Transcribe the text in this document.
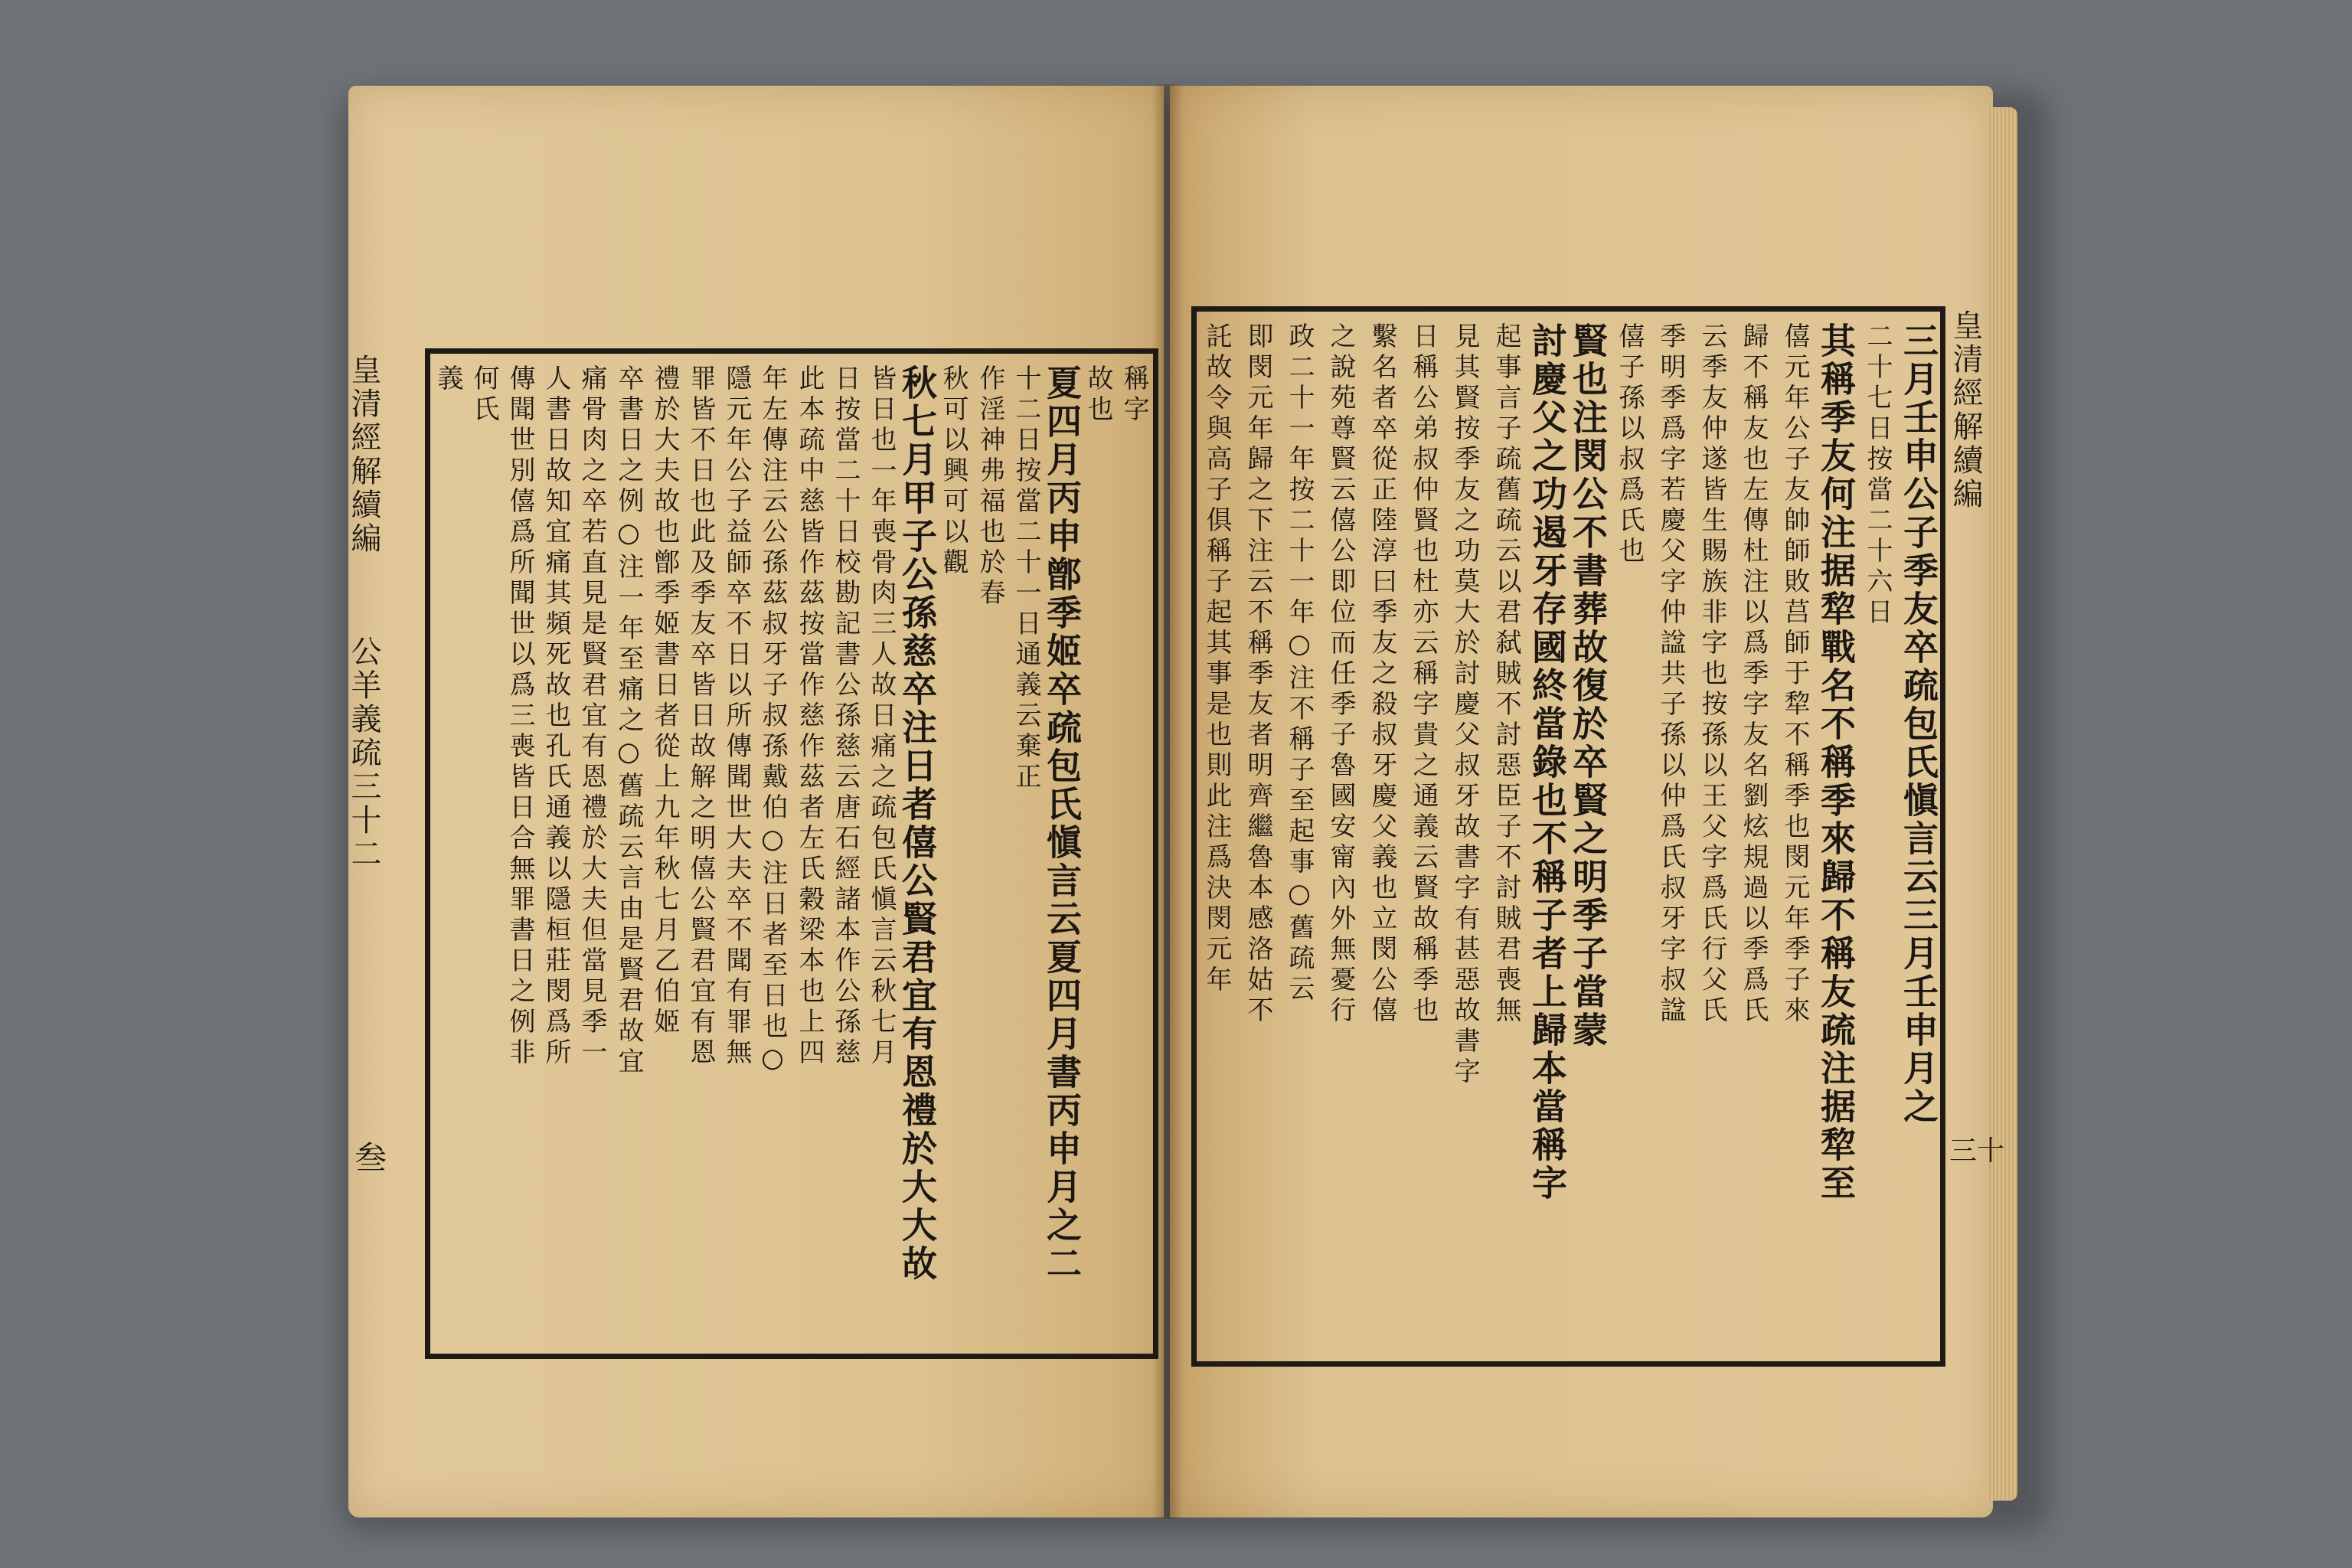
皇清經解續編
公羊義疏三十二
叁
皇清經解續編
三十
稱字
故也
夏四月丙申鄫季姬卒疏包氏愼言云夏四月書丙申月之二
十二日按當二十一日通義云棄正
作淫神弗福也於春
秋可以興可以觀
秋七月甲子公孫慈卒注日者僖公賢君宜有恩禮於大大故
皆日也一年喪骨肉三人故日痛之疏包氏愼言云秋七月
日按當二十日校勘記書公孫慈云唐石經諸本作公孫慈
此本疏中慈皆作茲按當作慈作茲者左氏穀梁本也上四
年左傳注云公孫茲叔牙子叔孫戴伯○注日者至日也○
隱元年公子益師卒不日以所傳聞世大夫卒不聞有罪無
罪皆不日也此及季友卒皆日故解之明僖公賢君宜有恩
禮於大夫故也鄫季姬書日者從上九年秋七月乙伯姬
卒書日之例○注一年至痛之○舊疏云言由是賢君故宜
痛骨肉之卒若直見是賢君宜有恩禮於大夫但當見季一
人書日故知宜痛其頻死故也孔氏通義以隱桓莊閔爲所
傳聞世別僖爲所聞世以爲三喪皆日合無罪書日之例非
何氏
義	三月壬申公子季友卒疏包氏愼言云三月壬申月之
二十七日按當二十六日
其稱季友何注据犂戰名不稱季來歸不稱友疏注据犂至
僖元年公子友帥師敗莒師于犂不稱季也閔元年季子來
歸不稱友也左傳杜注以爲季字友名劉炫規過以季爲氏
云季友仲遂皆生賜族非字也按孫以王父字爲氏行父氏
季明季爲字若慶父字仲諡共子孫以仲爲氏叔牙字叔諡
僖子孫以叔爲氏也
賢也注閔公不書葬故復於卒賢之明季子當蒙
討慶父之功遏牙存國終當錄也不稱子者上歸本當稱字
起事言子疏舊疏云以君弑賊不討惡臣子不討賊君喪無
見其賢按季友之功莫大於討慶父叔牙故書字有甚惡故書字
日稱公弟叔仲賢也杜亦云稱字貴之通義云賢故稱季也
繫名者卒從正陸淳曰季友之殺叔牙慶父義也立閔公僖
之說苑尊賢云僖公即位而任季子魯國安甯內外無憂行
政二十一年按二十一年○注不稱子至起事○舊疏云
即閔元年歸之下注云不稱季友者明齊繼魯本感洛姑不
託故令與高子俱稱子起其事是也則此注爲決閔元年
